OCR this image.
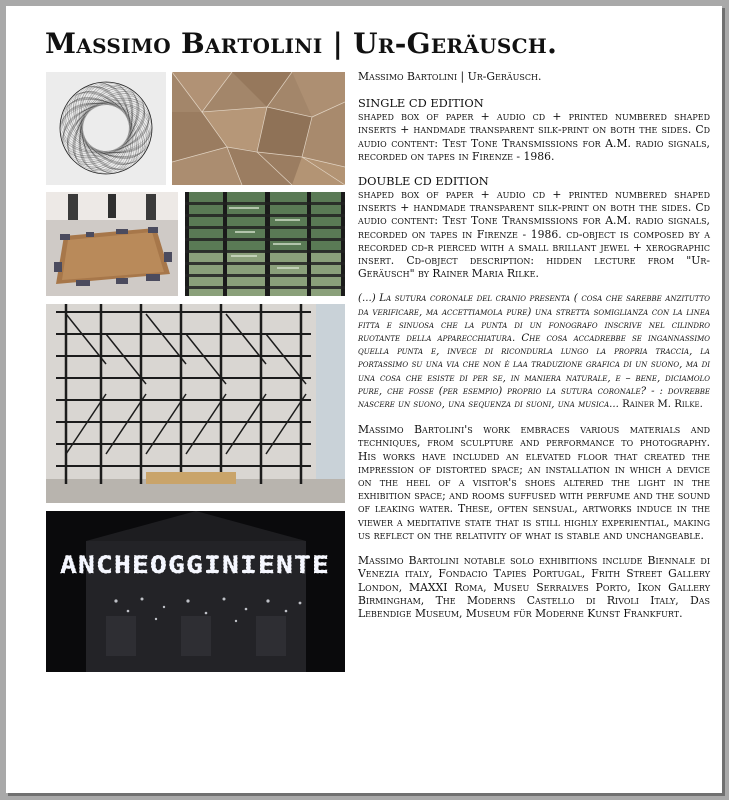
Massimo Bartolini | Ur-Geräusch.
ANCHEOGGINIENTE
Massimo Bartolini | Ur-Geräusch.
SINGLE CD EDITION

shaped box of paper + audio cd + printed numbered shaped inserts + handmade transparent silk-print on both the sides. Cd audio content: Test Tone Transmissions for A.M. radio signals, recorded on tapes in Firenze - 1986.

DOUBLE CD EDITION

shaped box of paper + audio cd + printed numbered shaped inserts + handmade transparent silk-print on both the sides. Cd audio content: Test Tone Transmissions for A.M. radio signals, recorded on tapes in Firenze - 1986. cd-object is composed by a recorded cd-r pierced with a small brillant jewel + xerographic insert. Cd-object description: hidden lecture from "Ur-Geräusch" by Rainer Maria Rilke.

(...) La sutura coronale del cranio presenta ( cosa che sarebbe anzitutto da verificare, ma accettiamola pure) una stretta somiglianza con la linea fitta e sinuosa che la punta di un fonografo inscrive nel cilindro ruotante della apparecchiatura. Che cosa accadrebbe se ingannassimo quella punta e, invece di ricondurla lungo la propria traccia, la portassimo su una via che non è laa traduzione grafica di un suono, ma di una cosa che esiste di per se, in maniera naturale, e – bene, diciamolo pure, che fosse (per esempio) proprio la sutura coronale? - : dovrebbe nascere un suono, una sequenza di suoni, una musica... Rainer M. Rilke.

Massimo Bartolini's work embraces various materials and techniques, from sculpture and performance to photography. His works have included an elevated floor that created the impression of distorted space; an installation in which a device on the heel of a visitor's shoes altered the light in the exhibition space; and rooms suffused with perfume and the sound of leaking water. These, often sensual, artworks induce in the viewer a meditative state that is still highly experiential, making us reflect on the relativity of what is stable and unchangeable.

Massimo Bartolini notable solo exhibitions include Biennale di Venezia italy, Fondacio Tapies Portugal, Frith Street Gallery London, MAXXI Roma, Museu Serralves Porto, Ikon Gallery Birmingham, The Moderns Castello di Rivoli Italy, Das Lebendige Museum, Museum für Moderne Kunst Frankfurt.
